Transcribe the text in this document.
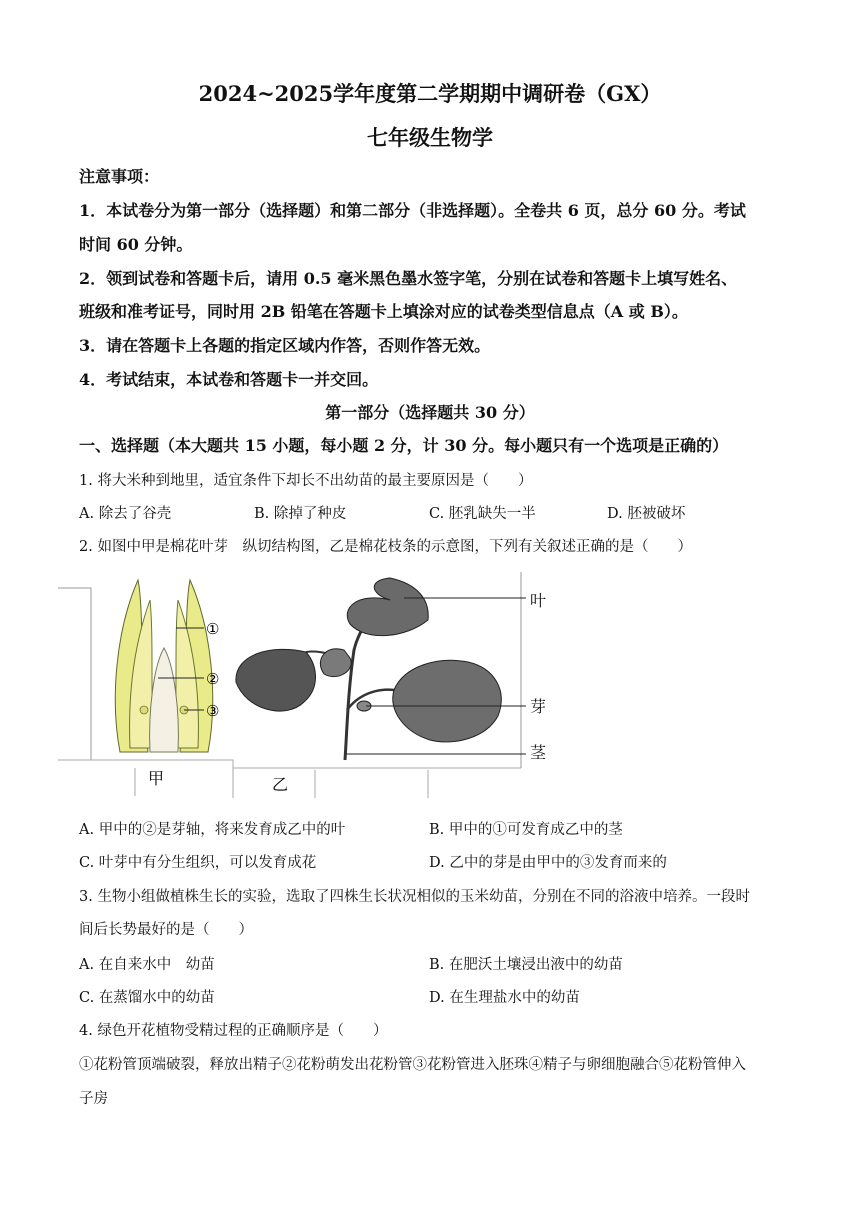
2024~2025学年度第二学期期中调研卷（GX）
七年级生物学
注意事项：
1．本试卷分为第一部分（选择题）和第二部分（非选择题）。全卷共 6 页，总分 60 分。考试
时间 60 分钟。
2．领到试卷和答题卡后，请用 0.5 毫米黑色墨水签字笔，分别在试卷和答题卡上填写姓名、
班级和准考证号，同时用 2B 铅笔在答题卡上填涂对应的试卷类型信息点（A 或 B）。
3．请在答题卡上各题的指定区域内作答，否则作答无效。
4．考试结束，本试卷和答题卡一并交回。
第一部分（选择题共 30 分）
一、选择题（本大题共 15 小题，每小题 2 分，计 30 分。每小题只有一个选项是正确的）
1. 将大米种到地里，适宜条件下却长不出幼苗的最主要原因是（　　）
A. 除去了谷壳	B. 除掉了种皮	C. 胚乳缺失一半	D. 胚被破坏
2. 如图中甲是棉花叶芽　纵切结构图，乙是棉花枝条的示意图，下列有关叙述正确的是（　　）
①
②
③
乙
甲
叶
芽
茎
A. 甲中的②是芽轴，将来发育成乙中的叶	B. 甲中的①可发育成乙中的茎
C. 叶芽中有分生组织，可以发育成花	D. 乙中的芽是由甲中的③发育而来的
3. 生物小组做植株生长的实验，选取了四株生长状况相似的玉米幼苗，分别在不同的浴液中培养。一段时
间后长势最好的是（　　）
A. 在自来水中　幼苗	B. 在肥沃土壤浸出液中的幼苗
C. 在蒸馏水中的幼苗	D. 在生理盐水中的幼苗
4. 绿色开花植物受精过程的正确顺序是（　　）
①花粉管顶端破裂，释放出精子②花粉萌发出花粉管③花粉管进入胚珠④精子与卵细胞融合⑤花粉管伸入
子房
